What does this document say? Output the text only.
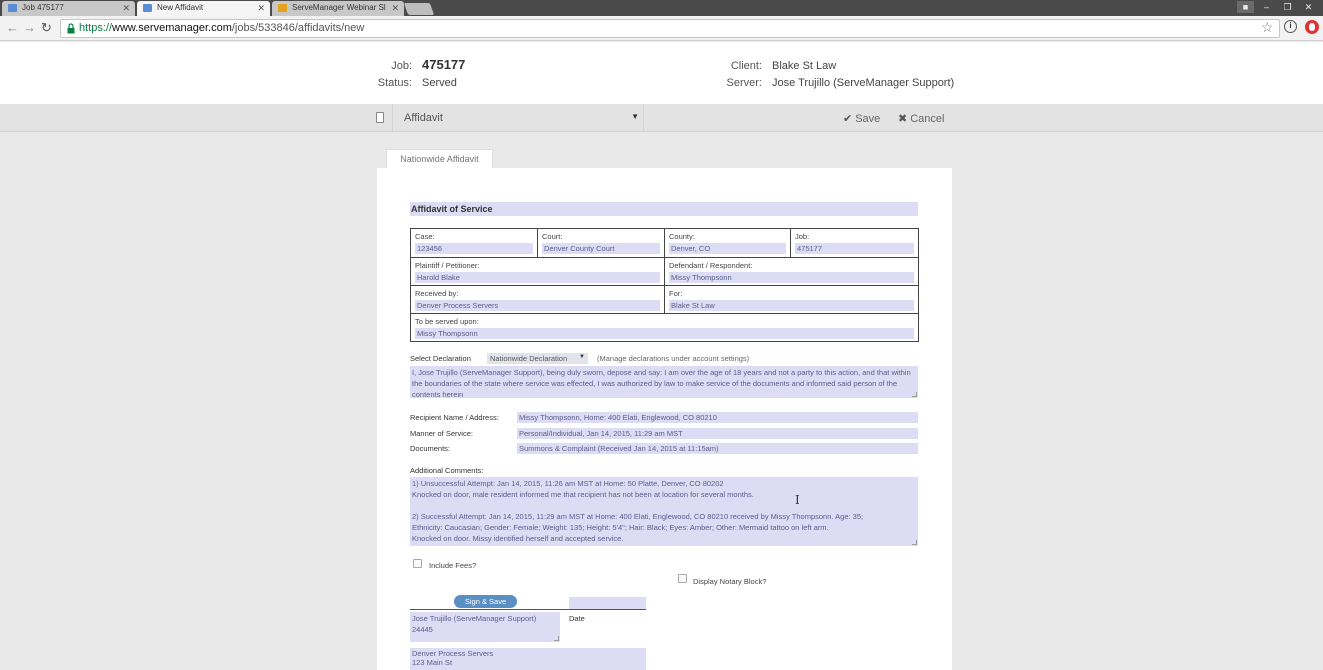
Job 475177	✕	New Affidavit	✕	ServeManager Webinar Sl ✕	■	–	❐	✕
← → ↻ https://www.servemanager.com/jobs/533846/affidavits/new	☆	i
Job: 475177
Status: Served
Client: Blake St Law
Server: Jose Trujillo (ServeManager Support)
Affidavit	▼	✔ Save ✖ Cancel
Nationwide Affidavit
Affidavit of Service
Case:
123456
Court:
Denver County Court
County:
Denver, CO
Job:
475177
Plaintiff / Petitioner:
Harold Blake
Defendant / Respondent:
Missy Thompsonn
Received by:
Denver Process Servers
For:
Blake St Law
To be served upon:
Missy Thompsonn
Select Declaration	Nationwide Declaration ▼ (Manage declarations under account settings)
I, Jose Trujillo (ServeManager Support), being duly sworn, depose and say: I am over the age of 18 years and not a party to this action, and that within the boundaries of the state where service was effected, I was authorized by law to make service of the documents and informed said person of the contents herein
Recipient Name / Address:	Missy Thompsonn, Home: 400 Elati, Englewood, CO 80210
Manner of Service:	Personal/Individual, Jan 14, 2015, 11:29 am MST
Documents:	Summons & Complaint (Received Jan 14, 2015 at 11:15am)
Additional Comments:
1) Unsuccessful Attempt: Jan 14, 2015, 11:26 am MST at Home: 50 Platte, Denver, CO 80202
Knocked on door, male resident informed me that recipient has not been at location for several months.
2) Successful Attempt: Jan 14, 2015, 11:29 am MST at Home: 400 Elati, Englewood, CO 80210 received by Missy Thompsonn. Age: 35;
Ethnicity: Caucasian; Gender: Female; Weight: 135; Height: 5'4"; Hair: Black; Eyes: Amber; Other: Mermaid tattoo on left arm.
Knocked on door. Missy identified herself and accepted service.
I
Include Fees?
Display Notary Block?
Sign & Save
Jose Trujillo (ServeManager Support)
24445
Date
Denver Process Servers
123 Main St
